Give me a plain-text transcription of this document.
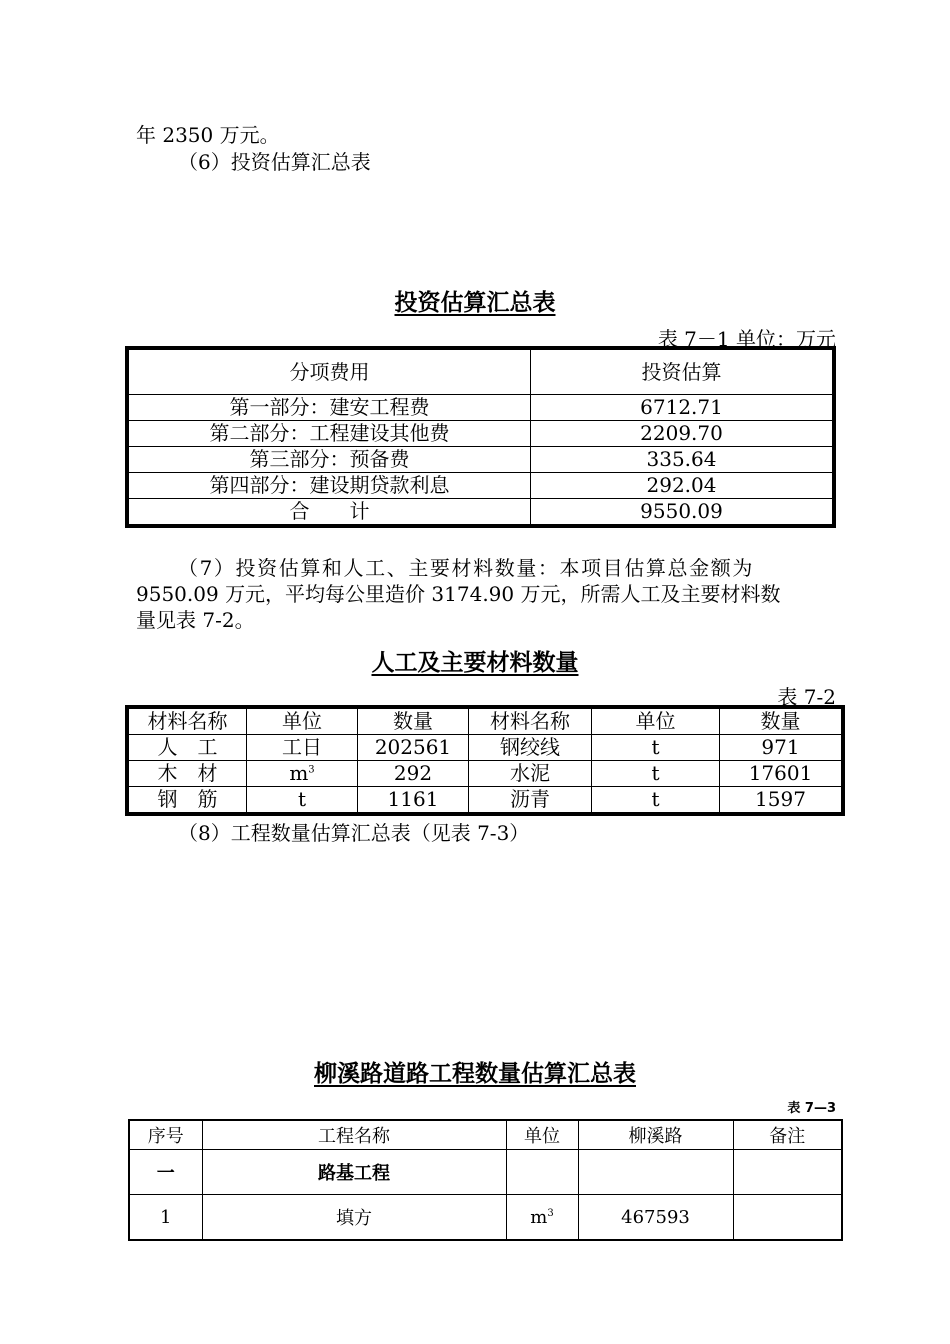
年 2350 万元。
（6）投资估算汇总表
投资估算汇总表
表 7－1 单位：万元
分项费用	投资估算
第一部分：建安工程费	6712.71
第二部分：工程建设其他费	2209.70
第三部分：预备费	335.64
第四部分：建设期贷款利息	292.04
合　　计	9550.09
（7）投资估算和人工、主要材料数量：本项目估算总金额为
9550.09 万元，平均每公里造价 3174.90 万元，所需人工及主要材料数
量见表 7-2。
人工及主要材料数量
表 7-2
材料名称	单位	数量	材料名称	单位	数量
人　工	工日	202561	钢绞线	t	971
木　材	$m^3$	292	水泥	t	17601
钢　筋	t	1161	沥青	t	1597
（8）工程数量估算汇总表（见表 7-3）
柳溪路道路工程数量估算汇总表
表 7—3
序号	工程名称	单位	柳溪路	备注
一	路基工程			
1	填方	$m^3$	467593	
